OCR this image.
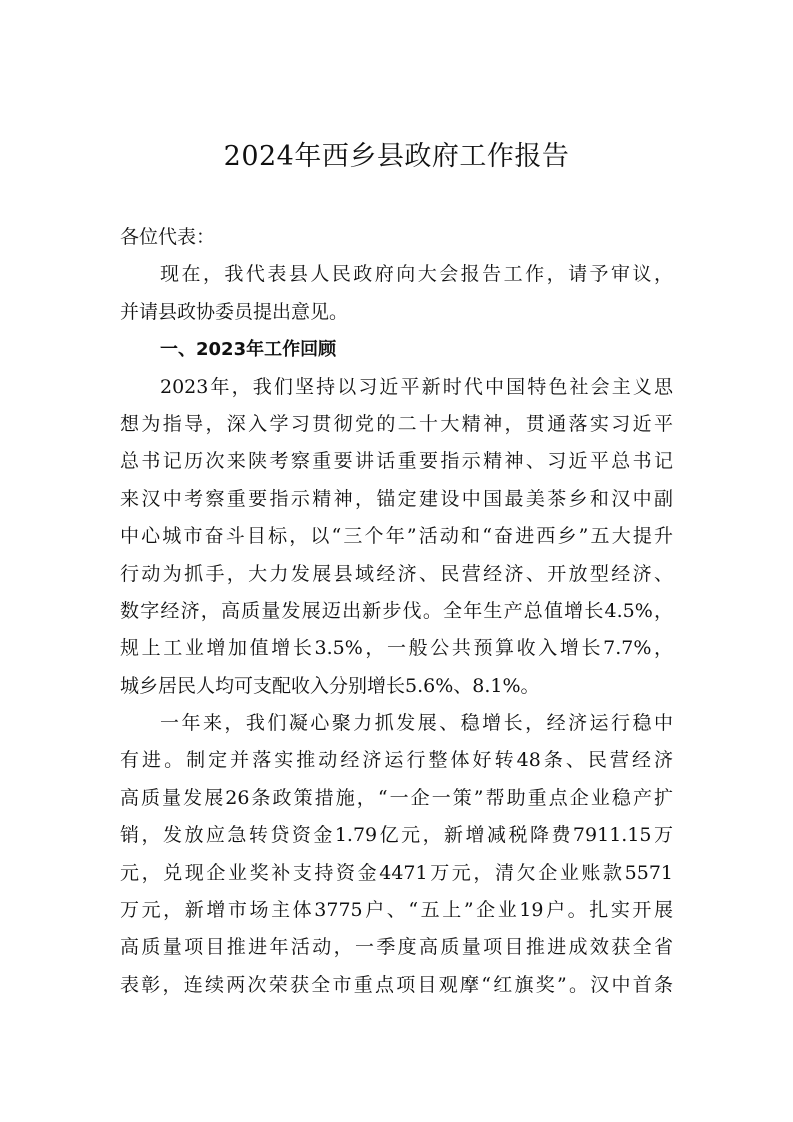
2024年西乡县政府工作报告
各位代表：
现在，我代表县人民政府向大会报告工作，请予审议，
并请县政协委员提出意见。
一、2023年工作回顾
2023年，我们坚持以习近平新时代中国特色社会主义思
想为指导，深入学习贯彻党的二十大精神，贯通落实习近平
总书记历次来陕考察重要讲话重要指示精神、习近平总书记
来汉中考察重要指示精神，锚定建设中国最美茶乡和汉中副
中心城市奋斗目标，以“三个年”活动和“奋进西乡”五大提升
行动为抓手，大力发展县域经济、民营经济、开放型经济、
数字经济，高质量发展迈出新步伐。全年生产总值增长4.5%，
规上工业增加值增长3.5%，一般公共预算收入增长7.7%，
城乡居民人均可支配收入分别增长5.6%、8.1%。
一年来，我们凝心聚力抓发展、稳增长，经济运行稳中
有进。制定并落实推动经济运行整体好转48条、民营经济
高质量发展26条政策措施，“一企一策”帮助重点企业稳产扩
销，发放应急转贷资金1.79亿元，新增减税降费7911.15万
元，兑现企业奖补支持资金4471万元，清欠企业账款5571
万元，新增市场主体3775户、“五上”企业19户。扎实开展
高质量项目推进年活动，一季度高质量项目推进成效获全省
表彰，连续两次荣获全市重点项目观摩“红旗奖”。汉中首条
